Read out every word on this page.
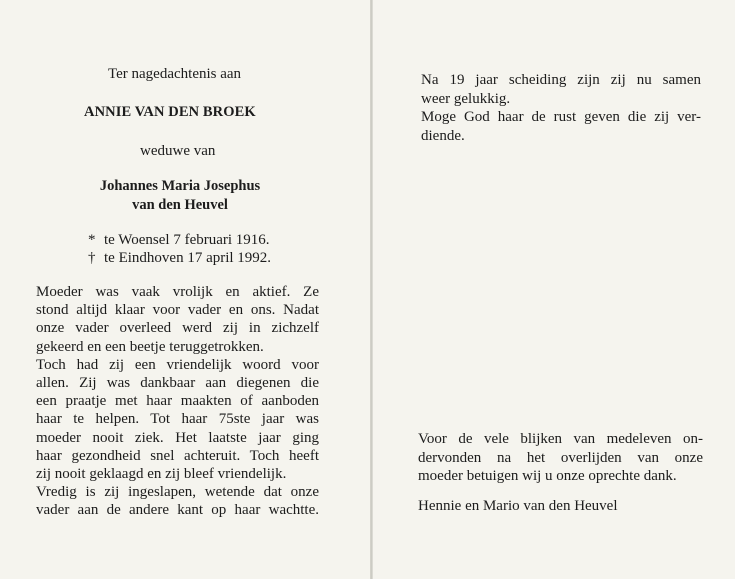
Ter nagedachtenis aan
ANNIE VAN DEN BROEK
weduwe van
Johannes Maria Josephus
van den Heuvel
* te Woensel 7 februari 1916.
† te Eindhoven 17 april 1992.
Moeder was vaak vrolijk en aktief. Ze
stond altijd klaar voor vader en ons. Nadat
onze vader overleed werd zij in zichzelf
gekeerd en een beetje teruggetrokken.
Toch had zij een vriendelijk woord voor
allen. Zij was dankbaar aan diegenen die
een praatje met haar maakten of aanboden
haar te helpen. Tot haar 75ste jaar was
moeder nooit ziek. Het laatste jaar ging
haar gezondheid snel achteruit. Toch heeft
zij nooit geklaagd en zij bleef vriendelijk.
Vredig is zij ingeslapen, wetende dat onze
vader aan de andere kant op haar wachtte.
Na 19 jaar scheiding zijn zij nu samen
weer gelukkig.
Moge God haar de rust geven die zij ver-
diende.
Voor de vele blijken van medeleven on-
dervonden na het overlijden van onze
moeder betuigen wij u onze oprechte dank.
Hennie en Mario van den Heuvel
